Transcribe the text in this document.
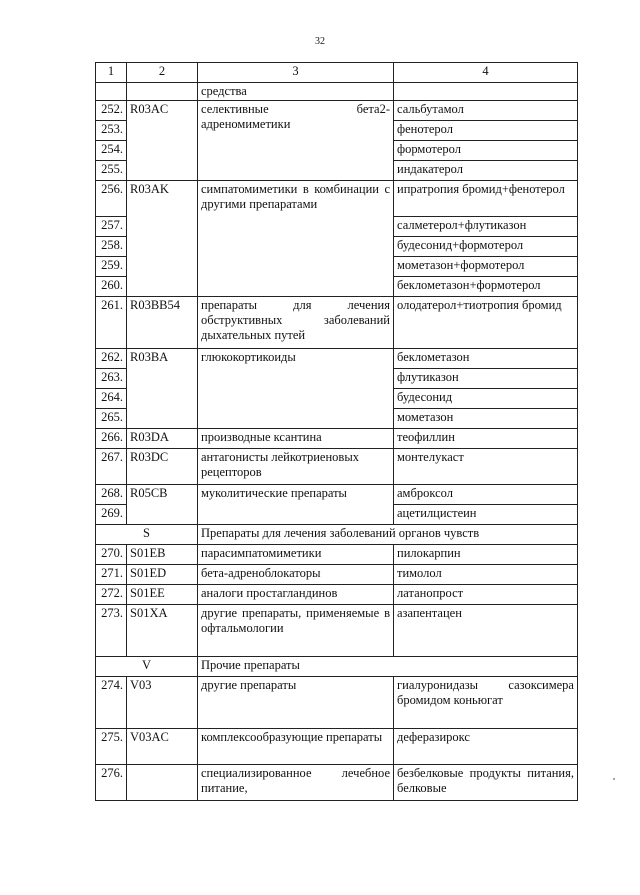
32
1	2	3	4
		средства	
252.	R03AC	селективные бета2-адреномиметики	сальбутамол
253.			фенотерол
254.			формотерол
255.			индакатерол
256.	R03AK	симпатомиметики в комбинации с другими препаратами	ипратропия бромид+фенотерол
257.			салметерол+флутиказон
258.			будесонид+формотерол
259.			мометазон+формотерол
260.			беклометазон+формотерол
261.	R03BB54	препараты для лечения обструктивных заболеваний дыхательных путей	олодатерол+тиотропия бромид
262.	R03BA	глюкокортикоиды	беклометазон
263.			флутиказон
264.			будесонид
265.			мометазон
266.	R03DA	производные ксантина	теофиллин
267.	R03DC	антагонисты лейкотриеновых рецепторов	монтелукаст
268.	R05CB	муколитические препараты	амброксол
269.			ацетилцистеин
S		Препараты для лечения заболеваний органов чувств	
270.	S01EB	парасимпатомиметики	пилокарпин
271.	S01ED	бета-адреноблокаторы	тимолол
272.	S01EE	аналоги простагландинов	латанопрост
273.	S01XA	другие препараты, применяемые в офтальмологии	азапентацен
V		Прочие препараты	
274.	V03	другие препараты	гиалуронидазы сазоксимера бромидом коньюгат
275.	V03AC	комплексообразующие препараты	деферазирокс
276.		специализированное лечебное питание,	безбелковые продукты питания, белковые
